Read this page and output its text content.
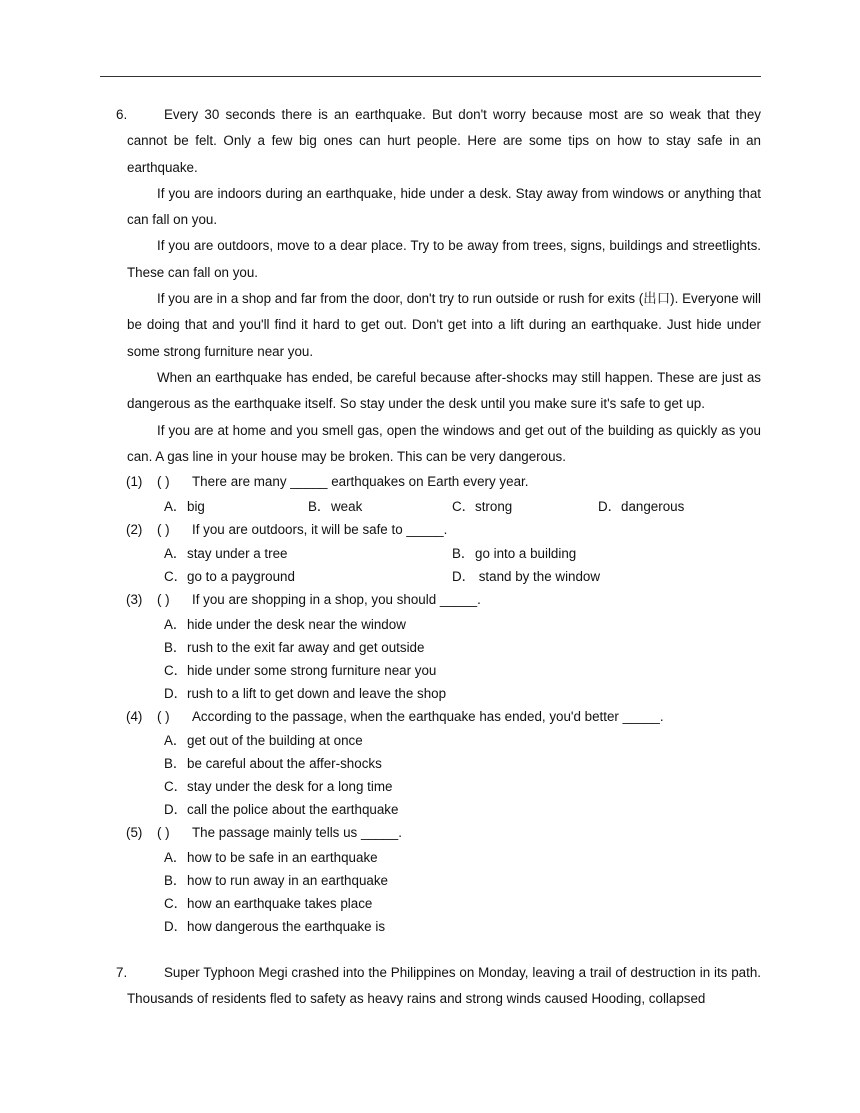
6.	Every 30 seconds there is an earthquake. But don't worry because most are so weak that they cannot be felt. Only a few big ones can hurt people. Here are some tips on how to stay safe in an earthquake.

If you are indoors during an earthquake, hide under a desk. Stay away from windows or anything that can fall on you.

If you are outdoors, move to a dear place. Try to be away from trees, signs, buildings and streetlights. These can fall on you.

If you are in a shop and far from the door, don't try to run outside or rush for exits (出口). Everyone will be doing that and you'll find it hard to get out. Don't get into a lift during an earthquake. Just hide under some strong furniture near you.

When an earthquake has ended, be careful because after-shocks may still happen. These are just as dangerous as the earthquake itself. So stay under the desk until you make sure it's safe to get up.

If you are at home and you smell gas, open the windows and get out of the building as quickly as you can. A gas line in your house may be broken. This can be very dangerous.

(1) ( ) There are many _____ earthquakes on Earth every year.
A．big	B．weak	C．strong	D．dangerous
(2) ( ) If you are outdoors, it will be safe to _____.
A．stay under a tree	B．go into a building
C．go to a payground	D． stand by the window
(3) ( ) If you are shopping in a shop, you should _____.
A．hide under the desk near the window
B．rush to the exit far away and get outside
C．hide under some strong furniture near you
D．rush to a lift to get down and leave the shop
(4) ( ) According to the passage, when the earthquake has ended, you'd better _____.
A．get out of the building at once
B．be careful about the affer-shocks
C．stay under the desk for a long time
D．call the police about the earthquake
(5) ( ) The passage mainly tells us _____.
A．how to be safe in an earthquake
B．how to run away in an earthquake
C．how an earthquake takes place
D．how dangerous the earthquake is
7.	Super Typhoon Megi crashed into the Philippines on Monday, leaving a trail of destruction in its path. Thousands of residents fled to safety as heavy rains and strong winds caused Hooding, collapsed
